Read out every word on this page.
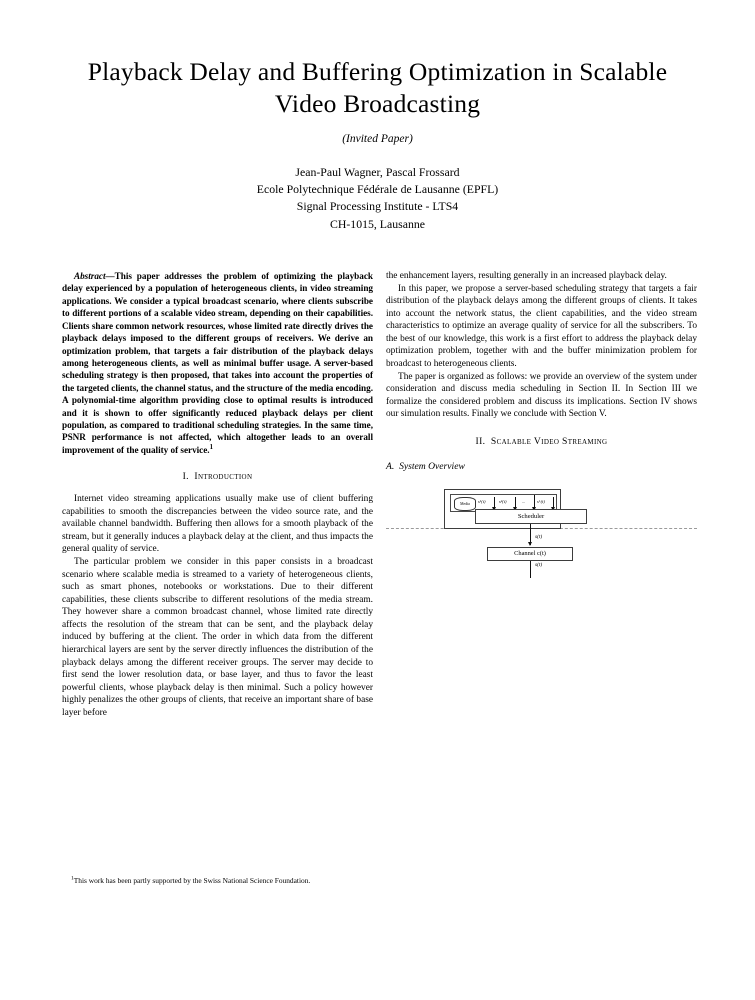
Playback Delay and Buffering Optimization in Scalable Video Broadcasting
(Invited Paper)
Jean-Paul Wagner, Pascal Frossard
Ecole Polytechnique Fédérale de Lausanne (EPFL)
Signal Processing Institute - LTS4
CH-1015, Lausanne
Abstract—This paper addresses the problem of optimizing the playback delay experienced by a population of heterogeneous clients, in video streaming applications. We consider a typical broadcast scenario, where clients subscribe to different portions of a scalable video stream, depending on their capabilities. Clients share common network resources, whose limited rate directly drives the playback delays imposed to the different groups of receivers. We derive an optimization problem, that targets a fair distribution of the playback delays among heterogeneous clients, as well as minimal buffer usage. A server-based scheduling strategy is then proposed, that takes into account the properties of the targeted clients, the channel status, and the structure of the media encoding. A polynomial-time algorithm providing close to optimal results is introduced and it is shown to offer significantly reduced playback delays per client population, as compared to traditional scheduling strategies. In the same time, PSNR performance is not affected, which altogether leads to an overall improvement of the quality of service.$^1$
I. Introduction

Internet video streaming applications usually make use of client buffering capabilities to smooth the discrepancies between the video source rate, and the available channel bandwidth. Buffering then allows for a smooth playback of the stream, but it generally induces a playback delay at the client, and thus impacts the general quality of service.

The particular problem we consider in this paper consists in a broadcast scenario where scalable media is streamed to a variety of heterogeneous clients, such as smart phones, notebooks or workstations. Due to their different capabilities, these clients subscribe to different resolutions of the media stream. They however share a common broadcast channel, whose limited rate directly affects the resolution of the stream that can be sent, and the playback delay induced by buffering at the client. The order in which data from the different hierarchical layers are sent by the server directly influences the distribution of the playback delays among the different receiver groups. The server may decide to first send the lower resolution data, or base layer, and thus to favor the least powerful clients, whose playback delay is then minimal. Such a policy however highly penalizes the other groups of clients, that receive an important share of base layer before

the enhancement layers, resulting generally in an increased playback delay.

In this paper, we propose a server-based scheduling strategy that targets a fair distribution of the playback delays among the different groups of clients. It takes into account the network status, the client capabilities, and the video stream characteristics to optimize an average quality of service for all the subscribers. To the best of our knowledge, this work is a first effort to address the playback delay optimization problem, together with and the buffer minimization problem for broadcast to heterogeneous clients.

The paper is organized as follows: we provide an overview of the system under consideration and discuss media scheduling in Section II. In Section III we formalize the considered problem and discuss its implications. Section IV shows our simulation results. Finally we conclude with Section V.

II. Scalable Video Streaming
A. System Overview
Media	s¹(t)	s²(t)	...	sᴸ(t)
Scheduler
s(t)
Channel c(t)
s(t)
$^1$This work has been partly supported by the Swiss National Science Foundation.
